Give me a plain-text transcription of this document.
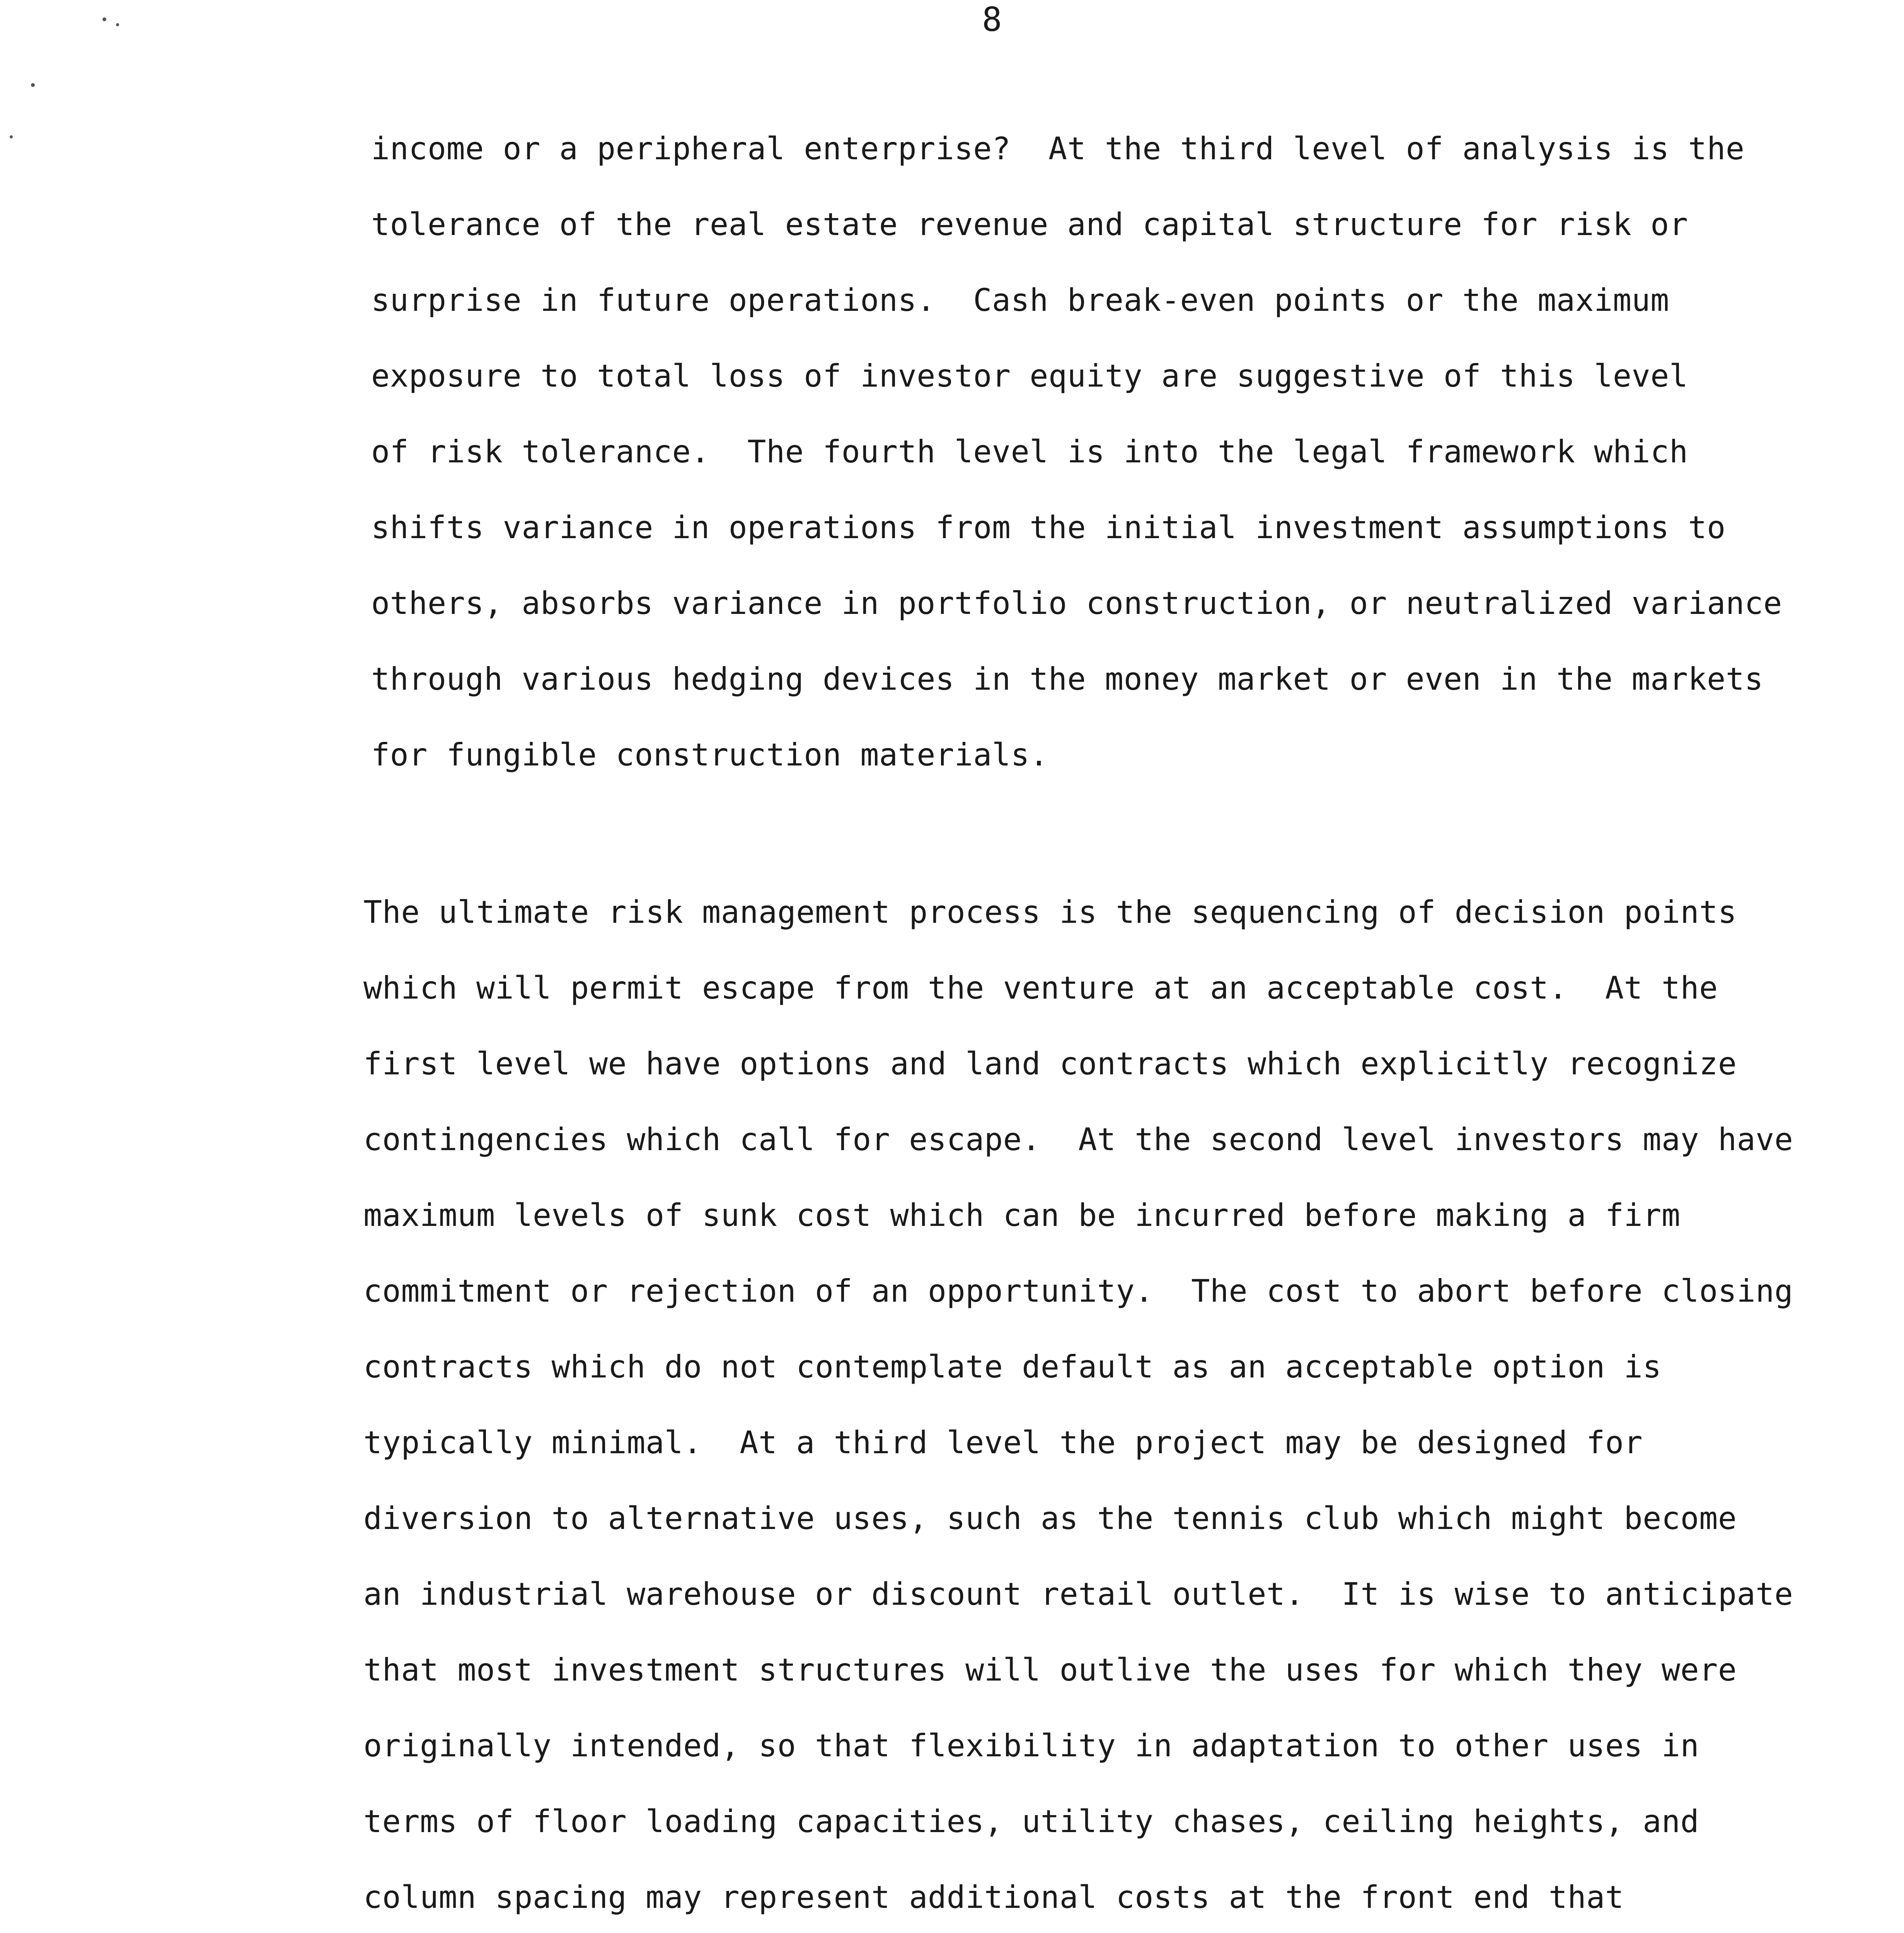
8
income or a peripheral enterprise?  At the third level of analysis is the
tolerance of the real estate revenue and capital structure for risk or
surprise in future operations.  Cash break-even points or the maximum
exposure to total loss of investor equity are suggestive of this level
of risk tolerance.  The fourth level is into the legal framework which
shifts variance in operations from the initial investment assumptions to
others, absorbs variance in portfolio construction, or neutralized variance
through various hedging devices in the money market or even in the markets
for fungible construction materials.
The ultimate risk management process is the sequencing of decision points
which will permit escape from the venture at an acceptable cost.  At the
first level we have options and land contracts which explicitly recognize
contingencies which call for escape.  At the second level investors may have
maximum levels of sunk cost which can be incurred before making a firm
commitment or rejection of an opportunity.  The cost to abort before closing
contracts which do not contemplate default as an acceptable option is
typically minimal.  At a third level the project may be designed for
diversion to alternative uses, such as the tennis club which might become
an industrial warehouse or discount retail outlet.  It is wise to anticipate
that most investment structures will outlive the uses for which they were
originally intended, so that flexibility in adaptation to other uses in
terms of floor loading capacities, utility chases, ceiling heights, and
column spacing may represent additional costs at the front end that
